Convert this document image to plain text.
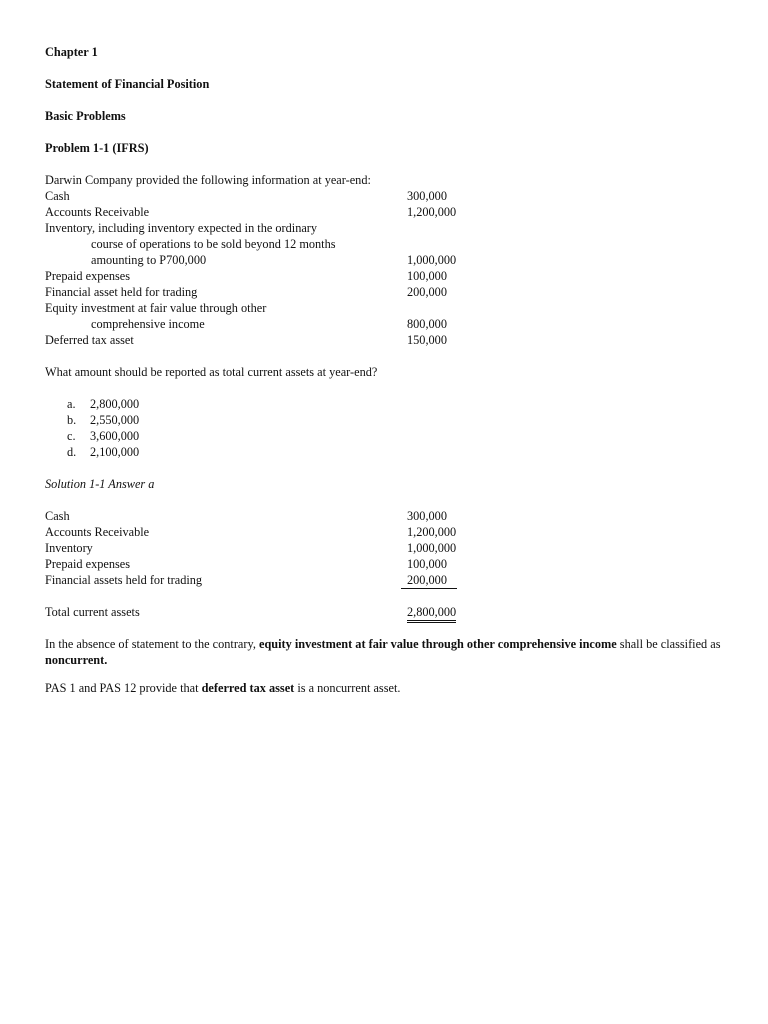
Chapter 1
Statement of Financial Position
Basic Problems
Problem 1-1 (IFRS)
Darwin Company provided the following information at year-end:
Cash	300,000
Accounts Receivable	1,200,000
Inventory, including inventory expected in the ordinary
course of operations to be sold beyond 12 months
amounting to P700,000	1,000,000
Prepaid expenses	100,000
Financial asset held for trading	200,000
Equity investment at fair value through other
comprehensive income	800,000
Deferred tax asset	150,000
What amount should be reported as total current assets at year-end?
a. 2,800,000
b. 2,550,000
c. 3,600,000
d. 2,100,000
Solution 1-1 Answer a
Cash	300,000
Accounts Receivable	1,200,000
Inventory	1,000,000
Prepaid expenses	100,000
Financial assets held for trading	200,000
Total current assets	2,800,000

In the absence of statement to the contrary, equity investment at fair value through other comprehensive income shall be classified as noncurrent.

PAS 1 and PAS 12 provide that deferred tax asset is a noncurrent asset.
